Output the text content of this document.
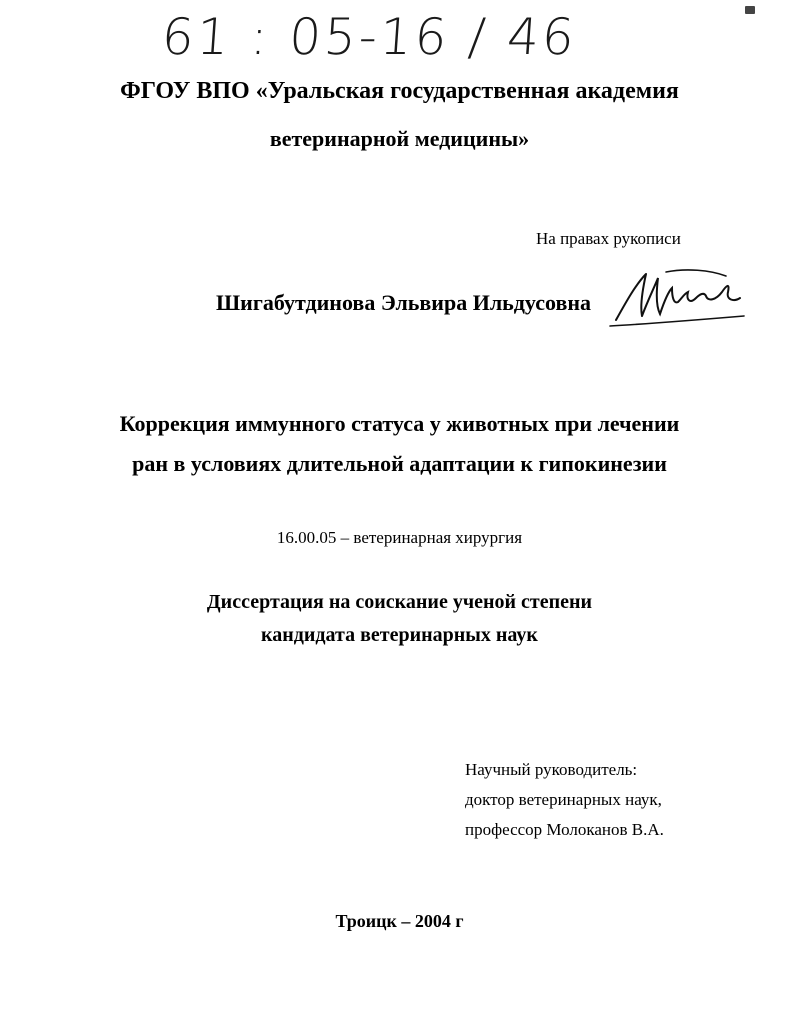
61 : 05-16 / 46
ФГОУ ВПО «Уральская государственная академия
ветеринарной медицины»
На правах рукописи
Шигабутдинова Эльвира Ильдусовна
Коррекция иммунного статуса у животных при лечении
ран в условиях длительной адаптации к гипокинезии
16.00.05 – ветеринарная хирургия
Диссертация на соискание ученой степени
кандидата ветеринарных наук
Научный руководитель:
доктор ветеринарных наук,
профессор Молоканов В.А.
Троицк – 2004 г
